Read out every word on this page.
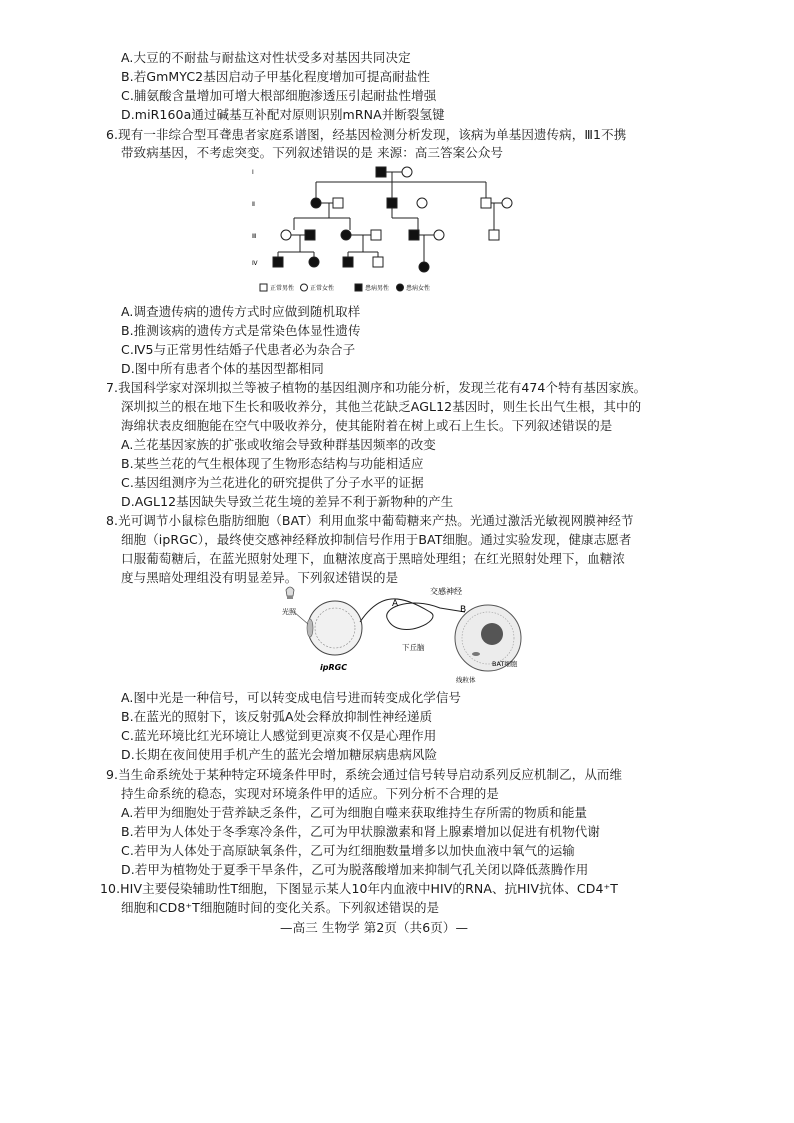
A.大豆的不耐盐与耐盐这对性状受多对基因共同决定
B.若GmMYC2基因启动子甲基化程度增加可提高耐盐性
C.脯氨酸含量增加可增大根部细胞渗透压引起耐盐性增强
D.miR160a通过碱基互补配对原则识别mRNA并断裂氢键
6.现有一非综合型耳聋患者家庭系谱图，经基因检测分析发现，该病为单基因遗传病，Ⅲ1不携
带致病基因，不考虑突变。下列叙述错误的是 来源：高三答案公众号
Ⅰ
Ⅱ
Ⅲ
Ⅳ
正常男性	正常女性	患病男性	患病女性
A.调查遗传病的遗传方式时应做到随机取样
B.推测该病的遗传方式是常染色体显性遗传
C.Ⅳ5与正常男性结婚子代患者必为杂合子
D.图中所有患者个体的基因型都相同
7.我国科学家对深圳拟兰等被子植物的基因组测序和功能分析，发现兰花有474个特有基因家族。
深圳拟兰的根在地下生长和吸收养分，其他兰花缺乏AGL12基因时，则生长出气生根，其中的
海绵状表皮细胞能在空气中吸收养分，使其能附着在树上或石上生长。下列叙述错误的是
A.兰花基因家族的扩张或收缩会导致种群基因频率的改变
B.某些兰花的气生根体现了生物形态结构与功能相适应
C.基因组测序为兰花进化的研究提供了分子水平的证据
D.AGL12基因缺失导致兰花生境的差异不利于新物种的产生
8.光可调节小鼠棕色脂肪细胞（BAT）利用血浆中葡萄糖来产热。光通过激活光敏视网膜神经节
细胞（ipRGC），最终使交感神经释放抑制信号作用于BAT细胞。通过实验发现，健康志愿者
口服葡萄糖后，在蓝光照射处理下，血糖浓度高于黑暗处理组；在红光照射处理下，血糖浓
度与黑暗处理组没有明显差异。下列叙述错误的是
光照
ipRGC
A
B
交感神经
下丘脑
线粒体
BAT细胞
A.图中光是一种信号，可以转变成电信号进而转变成化学信号
B.在蓝光的照射下，该反射弧A处会释放抑制性神经递质
C.蓝光环境比红光环境让人感觉到更凉爽不仅是心理作用
D.长期在夜间使用手机产生的蓝光会增加糖尿病患病风险
9.当生命系统处于某种特定环境条件甲时，系统会通过信号转导启动系列反应机制乙，从而维
持生命系统的稳态，实现对环境条件甲的适应。下列分析不合理的是
A.若甲为细胞处于营养缺乏条件，乙可为细胞自噬来获取维持生存所需的物质和能量
B.若甲为人体处于冬季寒冷条件，乙可为甲状腺激素和肾上腺素增加以促进有机物代谢
C.若甲为人体处于高原缺氧条件，乙可为红细胞数量增多以加快血液中氧气的运输
D.若甲为植物处于夏季干旱条件，乙可为脱落酸增加来抑制气孔关闭以降低蒸腾作用
10.HIV主要侵染辅助性T细胞，下图显示某人10年内血液中HIV的RNA、抗HIV抗体、CD4⁺T
细胞和CD8⁺T细胞随时间的变化关系。下列叙述错误的是
—高三 生物学 第2页（共6页）—
